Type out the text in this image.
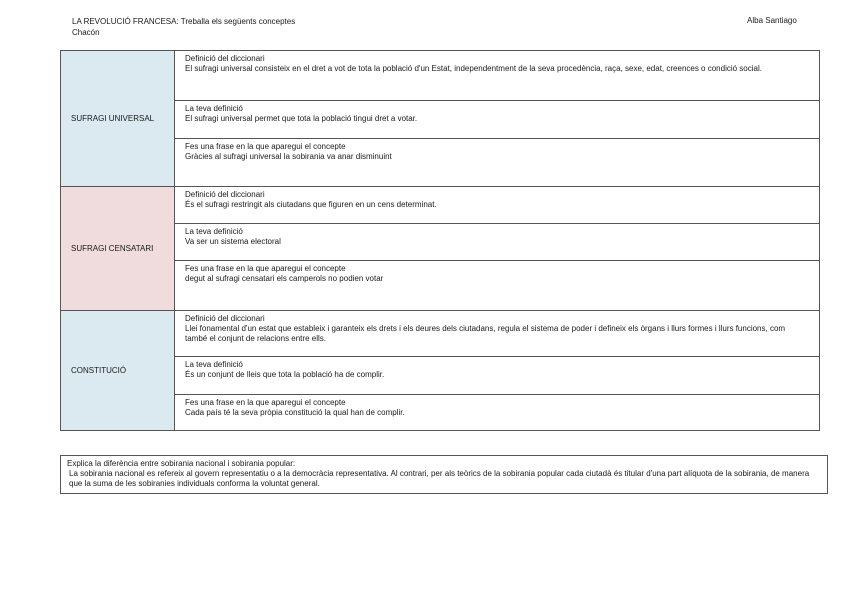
LA REVOLUCIÓ FRANCESA: Treballa els següents conceptes
Chacón
Alba Santiago
SUFRAGI UNIVERSAL	Definició del diccionari
El sufragi universal consisteix en el dret a vot de tota la població d'un Estat, independentment de la seva procedència, raça, sexe, edat, creences o condició social.

	La teva definició
El sufragi universal permet que tota la població tingui dret a votar.

	Fes una frase en la que aparegui el concepte
Gràcies al sufragi universal la sobirania va anar disminuint

SUFRAGI CENSATARI	Definició del diccionari
És el sufragi restringit als ciutadans que figuren en un cens determinat.

	La teva definició
Va ser un sistema electoral

	Fes una frase en la que aparegui el concepte
degut al sufragi censatari els camperols no podien votar

CONSTITUCIÓ	Definició del diccionari
Llei fonamental d'un estat que estableix i garanteix els drets i els deures dels ciutadans, regula el sistema de poder i defineix els òrgans i llurs formes i llurs funcions, com també el conjunt de relacions entre ells.

	La teva definició
És un conjunt de lleis que tota la població ha de complir.

	Fes una frase en la que aparegui el concepte
Cada país té la seva pròpia constitució la qual han de complir.
Explica la diferència entre sobirania nacional i sobirania popular:
La sobirania nacional es refereix al govern representatiu o a la democràcia representativa. Al contrari, per als teòrics de la sobirania popular cada ciutadà és titular d'una part alíquota de la sobirania, de manera que la suma de les sobiranies individuals conforma la voluntat general.
